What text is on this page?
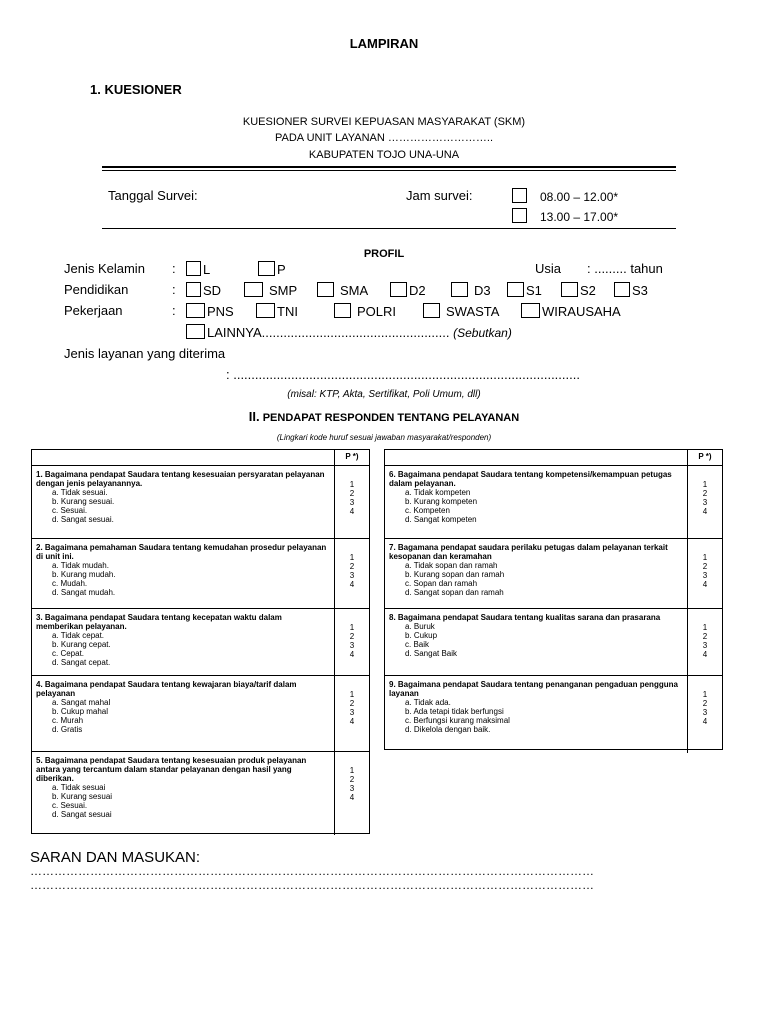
LAMPIRAN
1. KUESIONER
KUESIONER SURVEI KEPUASAN MASYARAKAT (SKM)
PADA UNIT LAYANAN ………………………..
KABUPATEN TOJO UNA-UNA
Tanggal Survei:	Jam survei:	08.00 – 12.00*
13.00 – 17.00*
PROFIL
Jenis Kelamin :	L	P	Usia : ......... tahun
Pendidikan	:	SD	SMP	SMA	D2	D3	S1	S2	S3
Pekerjaan	:	PNS	TNI	POLRI	SWASTA	WIRAUSAHA
LAINNYA.................................................... (Sebutkan)
Jenis layanan yang diterima
: ................................................................................................
(misal: KTP, Akta, Sertifikat, Poli Umum, dll)
II. PENDAPAT RESPONDEN TENTANG PELAYANAN
(Lingkari kode huruf sesuai jawaban masyarakat/responden)
P *)
1. Bagaimana pendapat Saudara tentang kesesuaian persyaratan pelayanan dengan jenis pelayanannya.
a. Tidak sesuai.
b. Kurang sesuai.
c. Sesuai.
d. Sangat sesuai.
1
2
3
4
2. Bagaimana pemahaman Saudara tentang kemudahan prosedur pelayanan di unit ini.
a. Tidak mudah.
b. Kurang mudah.
c. Mudah.
d. Sangat mudah.
1
2
3
4
3. Bagaimana pendapat Saudara tentang kecepatan waktu dalam memberikan pelayanan.
a. Tidak cepat.
b. Kurang cepat.
c. Cepat.
d. Sangat cepat.
1
2
3
4
4. Bagaimana pendapat Saudara tentang kewajaran biaya/tarif dalam pelayanan
a. Sangat mahal
b. Cukup mahal
c. Murah
d. Gratis
1
2
3
4
5. Bagaimana pendapat Saudara tentang kesesuaian produk pelayanan antara yang tercantum dalam standar pelayanan dengan hasil yang diberikan.
a. Tidak sesuai
b. Kurang sesuai
c. Sesuai.
d. Sangat sesuai
1
2
3
4
P *)
6. Bagaimana pendapat Saudara tentang kompetensi/kemampuan petugas dalam pelayanan.
a. Tidak kompeten
b. Kurang kompeten
c. Kompeten
d. Sangat kompeten
1
2
3
4
7. Bagamana pendapat saudara perilaku petugas dalam pelayanan terkait kesopanan dan keramahan
a. Tidak sopan dan ramah
b. Kurang sopan dan ramah
c. Sopan dan ramah
d. Sangat sopan dan ramah
1
2
3
4
8. Bagaimana pendapat Saudara tentang kualitas sarana dan prasarana
a. Buruk
b. Cukup
c. Baik
d. Sangat Baik
1
2
3
4
9. Bagaimana pendapat Saudara tentang penanganan pengaduan pengguna layanan
a. Tidak ada.
b. Ada tetapi tidak berfungsi
c. Berfungsi kurang maksimal
d. Dikelola dengan baik.
1
2
3
4
SARAN DAN MASUKAN:
……………………………………………………………………………………………………………………………
……………………………………………………………………………………………………………………………
